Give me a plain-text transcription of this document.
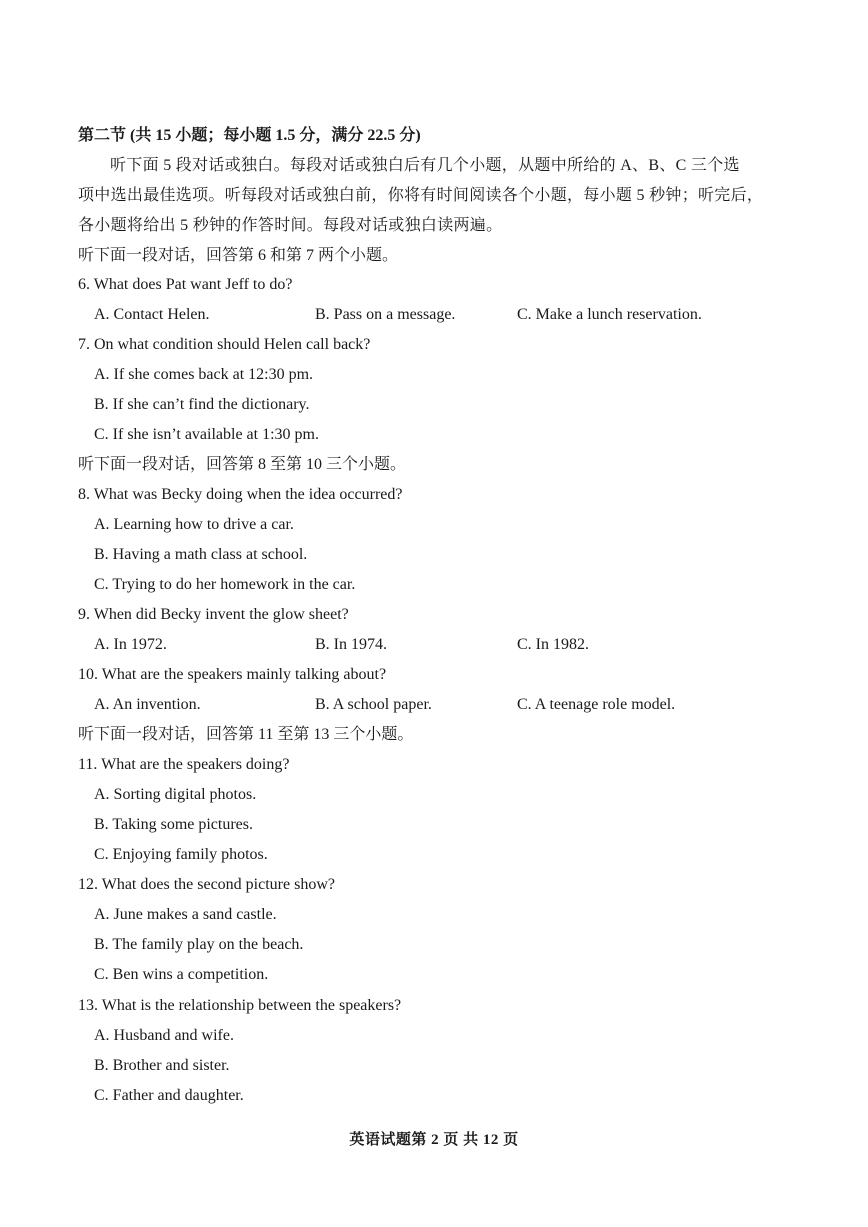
第二节 (共 15 小题；每小题 1.5 分，满分 22.5 分)
听下面 5 段对话或独白。每段对话或独白后有几个小题，从题中所给的 A、B、C 三个选
项中选出最佳选项。听每段对话或独白前，你将有时间阅读各个小题，每小题 5 秒钟；听完后，
各小题将给出 5 秒钟的作答时间。每段对话或独白读两遍。
听下面一段对话，回答第 6 和第 7 两个小题。
6. What does Pat want Jeff to do?
A. Contact Helen.	B. Pass on a message.	C. Make a lunch reservation.
7. On what condition should Helen call back?
A. If she comes back at 12:30 pm.
B. If she can’t find the dictionary.
C. If she isn’t available at 1:30 pm.
听下面一段对话，回答第 8 至第 10 三个小题。
8. What was Becky doing when the idea occurred?
A. Learning how to drive a car.
B. Having a math class at school.
C. Trying to do her homework in the car.
9. When did Becky invent the glow sheet?
A. In 1972.	B. In 1974.	C. In 1982.
10. What are the speakers mainly talking about?
A. An invention.	B. A school paper.	C. A teenage role model.
听下面一段对话，回答第 11 至第 13 三个小题。
11. What are the speakers doing?
A. Sorting digital photos.
B. Taking some pictures.
C. Enjoying family photos.
12. What does the second picture show?
A. June makes a sand castle.
B. The family play on the beach.
C. Ben wins a competition.
13. What is the relationship between the speakers?
A. Husband and wife.
B. Brother and sister.
C. Father and daughter.
英语试题第 2 页 共 12 页
